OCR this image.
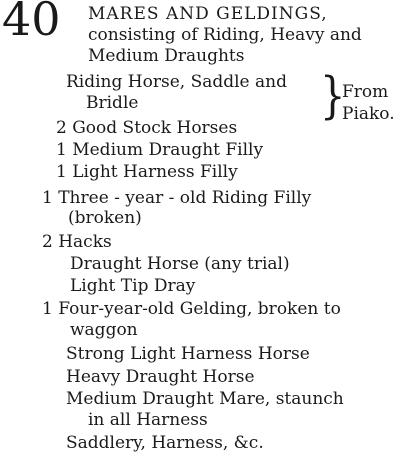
40 MARES AND GELDINGS,
consisting of Riding, Heavy and
Medium Draughts
Riding Horse, Saddle and
Bridle	}
From
Piako.
2 Good Stock Horses
1 Medium Draught Filly
1 Light Harness Filly
1 Three - year - old Riding Filly
(broken)
2 Hacks
Draught Horse (any trial)
Light Tip Dray
1 Four-year-old Gelding, broken to
waggon
Strong Light Harness Horse
Heavy Draught Horse
Medium Draught Mare, staunch
in all Harness
Saddlery, Harness, &c.
